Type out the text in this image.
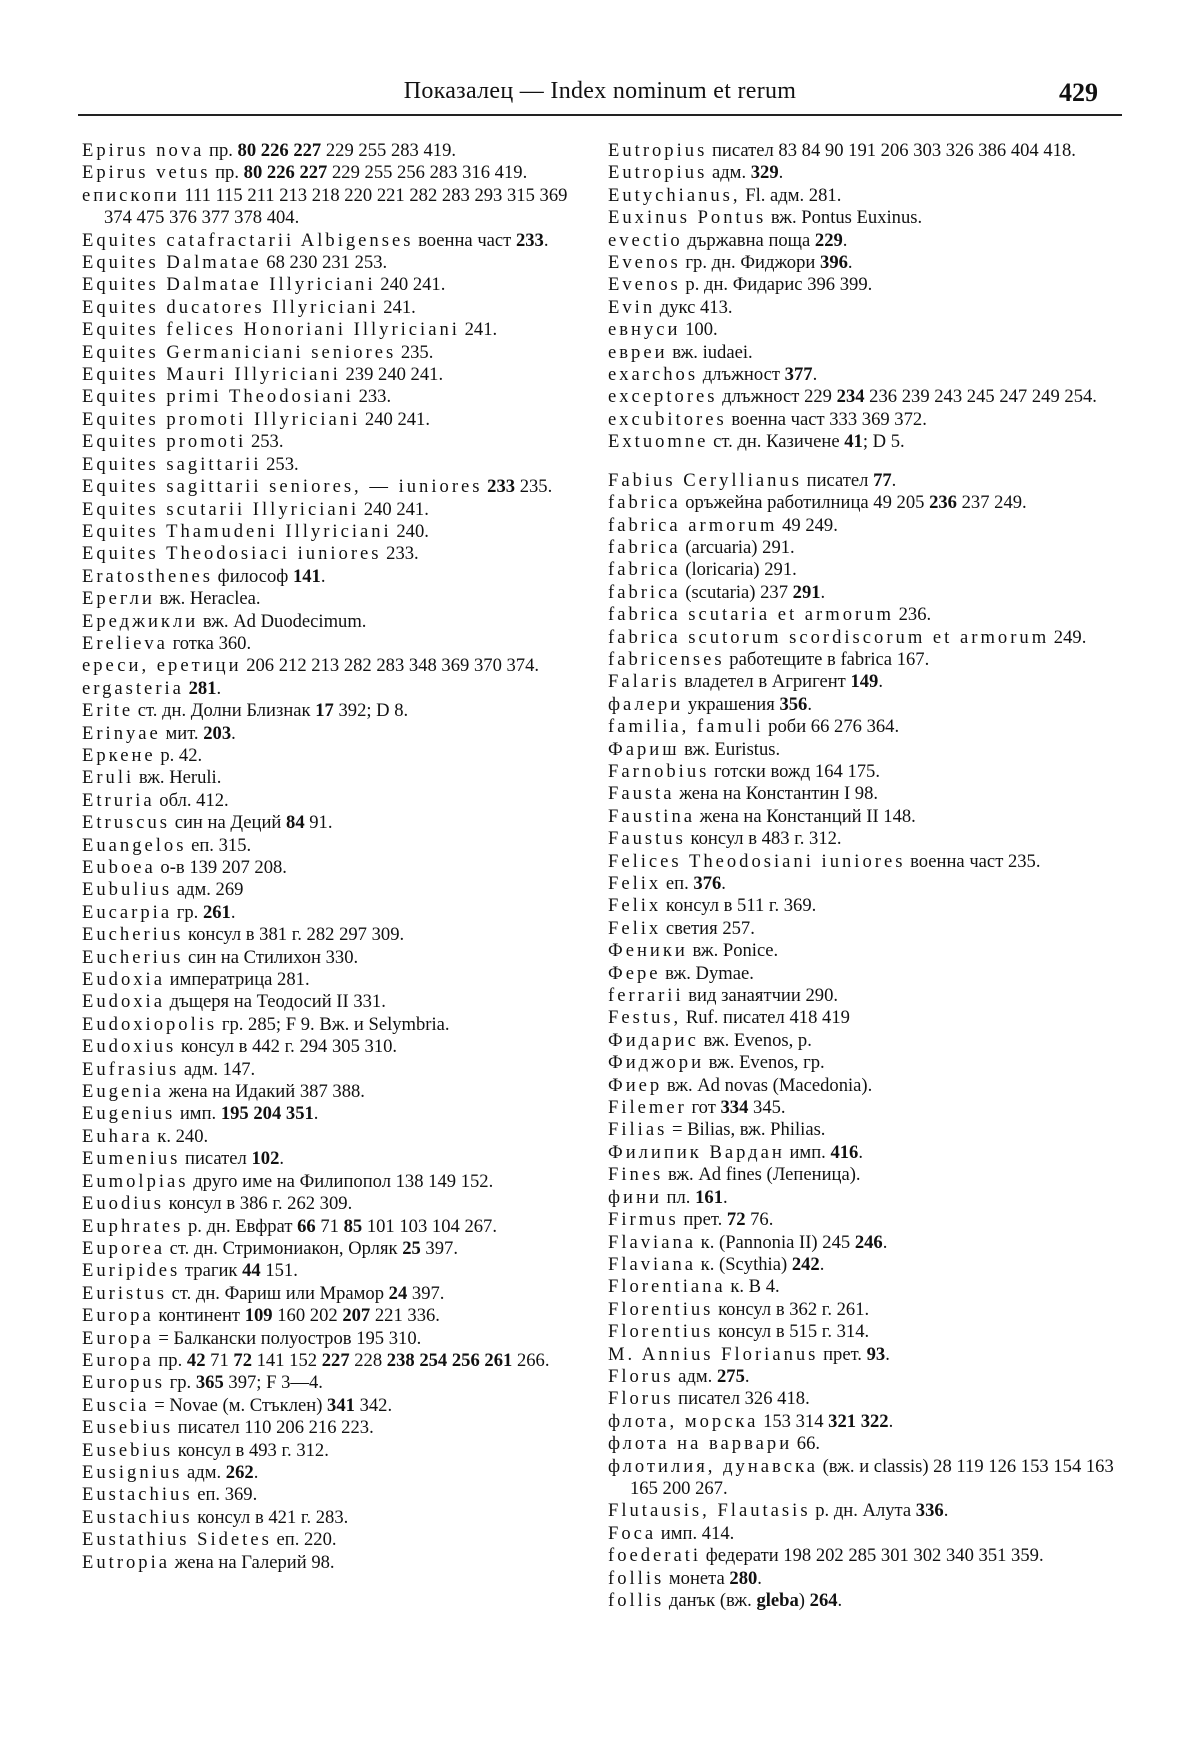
Показалец — Index nominum et rerum	429

Epirus nova пр. 80 226 227 229 255 283 419.

Epirus vetus пр. 80 226 227 229 255 256 283 316 419.

епископи 111 115 211 213 218 220 221 282 283 293 315 369 374 475 376 377 378 404.

Equites catafractarii Albigenses военна част 233.

Equites Dalmatae 68 230 231 253.

Equites Dalmatae Illyriciani 240 241.

Equites ducatores Illyriciani 241.

Equites felices Honoriani Illyriciani 241.

Equites Germaniciani seniores 235.

Equites Mauri Illyriciani 239 240 241.

Equites primi Theodosiani 233.

Equites promoti Illyriciani 240 241.

Equites promoti 253.

Equites sagittarii 253.

Equites sagittarii seniores, — iuniores 233 235.

Equites scutarii Illyriciani 240 241.

Equites Thamudeni Illyriciani 240.

Equites Theodosiaci iuniores 233.

Eratosthenes философ 141.

Ерегли вж. Heraclea.

Ереджикли вж. Ad Duodecimum.

Erelieva готка 360.

ереси, еретици 206 212 213 282 283 348 369 370 374.

ergasteria 281.

Erite ст. дн. Долни Близнак 17 392; D 8.

Erinyae мит. 203.

Еркене р. 42.

Eruli вж. Heruli.

Etruria обл. 412.

Etruscus син на Деций 84 91.

Euangelos еп. 315.

Euboea о-в 139 207 208.

Eubulius адм. 269

Eucarpia гр. 261.

Eucherius консул в 381 г. 282 297 309.

Eucherius син на Стилихон 330.

Eudoxia императрица 281.

Eudoxia дъщеря на Теодосий II 331.

Eudoxiopolis гр. 285; F 9. Вж. и Selymbria.

Eudoxius консул в 442 г. 294 305 310.

Eufrasius адм. 147.

Eugenia жена на Идакий 387 388.

Eugenius имп. 195 204 351.

Euhara к. 240.

Eumenius писател 102.

Eumolpias друго име на Филипопол 138 149 152.

Euodius консул в 386 г. 262 309.

Euphrates р. дн. Евфрат 66 71 85 101 103 104 267.

Euporea ст. дн. Стримониакон, Орляк 25 397.

Euripides трагик 44 151.

Euristus ст. дн. Фариш или Мрамор 24 397.

Europa континент 109 160 202 207 221 336.

Europa = Балкански полуостров 195 310.

Europa пр. 42 71 72 141 152 227 228 238 254 256 261 266.

Europus гр. 365 397; F 3—4.

Euscia = Novae (м. Стъклен) 341 342.

Eusebius писател 110 206 216 223.

Eusebius консул в 493 г. 312.

Eusignius адм. 262.

Eustachius еп. 369.

Eustachius консул в 421 г. 283.

Eustathius Sidetes еп. 220.

Eutropia жена на Галерий 98.

Eutropius писател 83 84 90 191 206 303 326 386 404 418.

Eutropius адм. 329.

Eutychianus, Fl. адм. 281.

Euxinus Pontus вж. Pontus Euxinus.

evectio държавна поща 229.

Evenos гр. дн. Фиджори 396.

Evenos р. дн. Фидарис 396 399.

Evin дукс 413.

евнуси 100.

евреи вж. iudaei.

exarchos длъжност 377.

exceptores длъжност 229 234 236 239 243 245 247 249 254.

excubitores военна част 333 369 372.

Extuomne ст. дн. Казичене 41; D 5.

Fabius Ceryllianus писател 77.

fabrica оръжейна работилница 49 205 236 237 249.

fabrica armorum 49 249.

fabrica (arcuaria) 291.

fabrica (loricaria) 291.

fabrica (scutaria) 237 291.

fabrica scutaria et armorum 236.

fabrica scutorum scordiscorum et armorum 249.

fabricenses работещите в fabrica 167.

Falaris владетел в Агригент 149.

фалери украшения 356.

familia, famuli роби 66 276 364.

Фариш вж. Euristus.

Farnobius готски вожд 164 175.

Fausta жена на Константин I 98.

Faustina жена на Констанций II 148.

Faustus консул в 483 г. 312.

Felices Theodosiani iuniores военна част 235.

Felix еп. 376.

Felix консул в 511 г. 369.

Felix светия 257.

Феники вж. Ponice.

Фере вж. Dymae.

ferrarii вид занаятчии 290.

Festus, Ruf. писател 418 419

Фидарис вж. Evenos, р.

Фиджори вж. Evenos, гр.

Фиер вж. Ad novas (Macedonia).

Filemer гот 334 345.

Filias = Bilias, вж. Philias.

Филипик Вардан имп. 416.

Fines вж. Ad fines (Лепеница).

фини пл. 161.

Firmus прет. 72 76.

Flaviana к. (Pannonia II) 245 246.

Flaviana к. (Scythia) 242.

Florentiana к. B 4.

Florentius консул в 362 г. 261.

Florentius консул в 515 г. 314.

M. Annius Florianus прет. 93.

Florus адм. 275.

Florus писател 326 418.

флота, морска 153 314 321 322.

флота на варвари 66.

флотилия, дунавска (вж. и classis) 28 119 126 153 154 163 165 200 267.

Flutausis, Flautasis р. дн. Алута 336.

Foca имп. 414.

foederati федерати 198 202 285 301 302 340 351 359.

follis монета 280.

follis данък (вж. gleba) 264.
